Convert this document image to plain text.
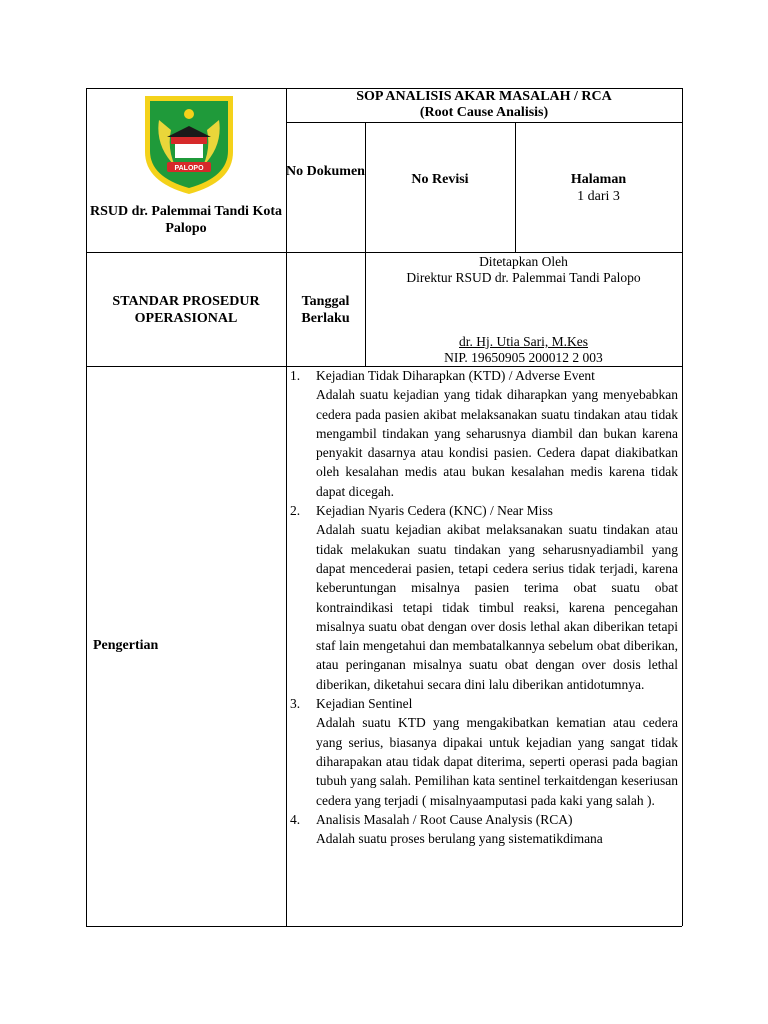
PALOPO
RSUD dr. Palemmai Tandi Kota Palopo
SOP ANALISIS AKAR MASALAH / RCA
(Root Cause Analisis)
No Dokumen
No Revisi	Halaman
1 dari 3
STANDAR PROSEDUR OPERASIONAL
Tanggal Berlaku
Ditetapkan Oleh
Direktur RSUD dr. Palemmai Tandi Palopo
dr. Hj. Utia Sari, M.Kes
NIP. 19650905 200012 2 003
Pengertian
1. Kejadian Tidak Diharapkan (KTD) / Adverse Event
Adalah suatu kejadian yang tidak diharapkan yang menyebabkan cedera pada pasien akibat melaksanakan suatu tindakan atau tidak mengambil tindakan yang seharusnya diambil dan bukan karena penyakit dasarnya atau kondisi pasien. Cedera dapat diakibatkan oleh kesalahan medis atau bukan kesalahan medis karena tidak dapat dicegah.
2. Kejadian Nyaris Cedera (KNC) / Near Miss
Adalah suatu kejadian akibat melaksanakan suatu tindakan atau tidak melakukan suatu tindakan yang seharusnyadiambil yang dapat mencederai pasien, tetapi cedera serius tidak terjadi, karena keberuntungan misalnya pasien terima obat suatu obat kontraindikasi tetapi tidak timbul reaksi, karena pencegahan misalnya suatu obat dengan over dosis lethal akan diberikan tetapi staf lain mengetahui dan membatalkannya sebelum obat diberikan, atau peringanan misalnya suatu obat dengan over dosis lethal diberikan, diketahui secara dini lalu diberikan antidotumnya.
3. Kejadian Sentinel
Adalah suatu KTD yang mengakibatkan kematian atau cedera yang serius, biasanya dipakai untuk kejadian yang sangat tidak diharapakan atau tidak dapat diterima, seperti operasi pada bagian tubuh yang salah. Pemilihan kata sentinel terkaitdengan keseriusan cedera yang terjadi ( misalnyaamputasi pada kaki yang salah ).
4. Analisis Masalah / Root Cause Analysis (RCA)
Adalah suatu proses berulang yang sistematikdimana
